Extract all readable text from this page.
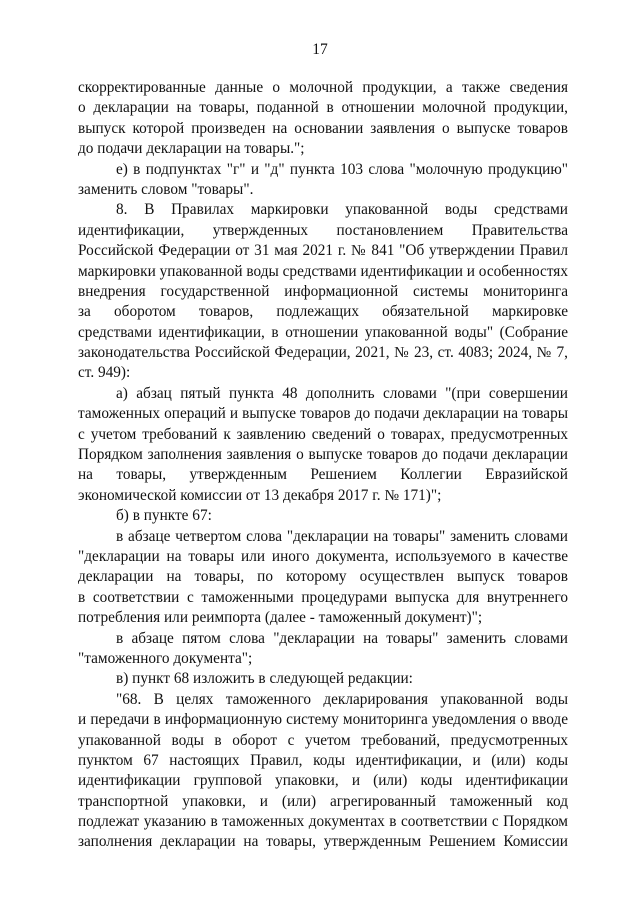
17
скорректированные данные о молочной продукции, а также сведения
о декларации на товары, поданной в отношении молочной продукции,
выпуск которой произведен на основании заявления о выпуске товаров
до подачи декларации на товары.";
е) в подпунктах "г" и "д" пункта 103 слова "молочную продукцию"
заменить словом "товары".
8. В Правилах маркировки упакованной воды средствами
идентификации, утвержденных постановлением Правительства
Российской Федерации от 31 мая 2021 г. № 841 "Об утверждении Правил
маркировки упакованной воды средствами идентификации и особенностях
внедрения государственной информационной системы мониторинга
за оборотом товаров, подлежащих обязательной маркировке
средствами идентификации, в отношении упакованной воды" (Собрание
законодательства Российской Федерации, 2021, № 23, ст. 4083; 2024, № 7,
ст. 949):
а) абзац пятый пункта 48 дополнить словами "(при совершении
таможенных операций и выпуске товаров до подачи декларации на товары
с учетом требований к заявлению сведений о товарах, предусмотренных
Порядком заполнения заявления о выпуске товаров до подачи декларации
на товары, утвержденным Решением Коллегии Евразийской
экономической комиссии от 13 декабря 2017 г. № 171)";
б) в пункте 67:
в абзаце четвертом слова "декларации на товары" заменить словами
"декларации на товары или иного документа, используемого в качестве
декларации на товары, по которому осуществлен выпуск товаров
в соответствии с таможенными процедурами выпуска для внутреннего
потребления или реимпорта (далее - таможенный документ)";
в абзаце пятом слова "декларации на товары" заменить словами
"таможенного документа";
в) пункт 68 изложить в следующей редакции:
"68. В целях таможенного декларирования упакованной воды
и передачи в информационную систему мониторинга уведомления о вводе
упакованной воды в оборот с учетом требований, предусмотренных
пунктом 67 настоящих Правил, коды идентификации, и (или) коды
идентификации групповой упаковки, и (или) коды идентификации
транспортной упаковки, и (или) агрегированный таможенный код
подлежат указанию в таможенных документах в соответствии с Порядком
заполнения декларации на товары, утвержденным Решением Комиссии
